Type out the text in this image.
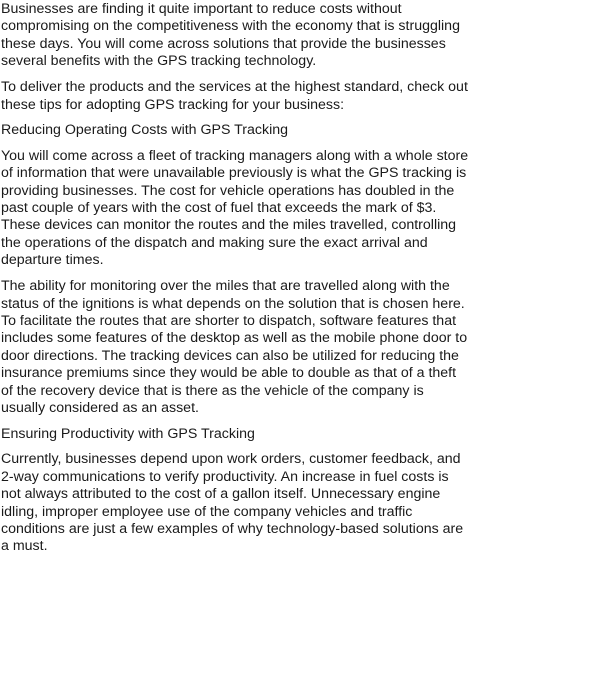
Businesses are finding it quite important to reduce costs without compromising on the competitiveness with the economy that is struggling these days. You will come across solutions that provide the businesses several benefits with the GPS tracking technology.

To deliver the products and the services at the highest standard, check out these tips for adopting GPS tracking for your business:

Reducing Operating Costs with GPS Tracking

You will come across a fleet of tracking managers along with a whole store of information that were unavailable previously is what the GPS tracking is providing businesses. The cost for vehicle operations has doubled in the past couple of years with the cost of fuel that exceeds the mark of $3. These devices can monitor the routes and the miles travelled, controlling the operations of the dispatch and making sure the exact arrival and departure times.

The ability for monitoring over the miles that are travelled along with the status of the ignitions is what depends on the solution that is chosen here. To facilitate the routes that are shorter to dispatch, software features that includes some features of the desktop as well as the mobile phone door to door directions. The tracking devices can also be utilized for reducing the insurance premiums since they would be able to double as that of a theft of the recovery device that is there as the vehicle of the company is usually considered as an asset.

Ensuring Productivity with GPS Tracking

Currently, businesses depend upon work orders, customer feedback, and 2-way communications to verify productivity. An increase in fuel costs is not always attributed to the cost of a gallon itself. Unnecessary engine idling, improper employee use of the company vehicles and traffic conditions are just a few examples of why technology-based solutions are a must.
